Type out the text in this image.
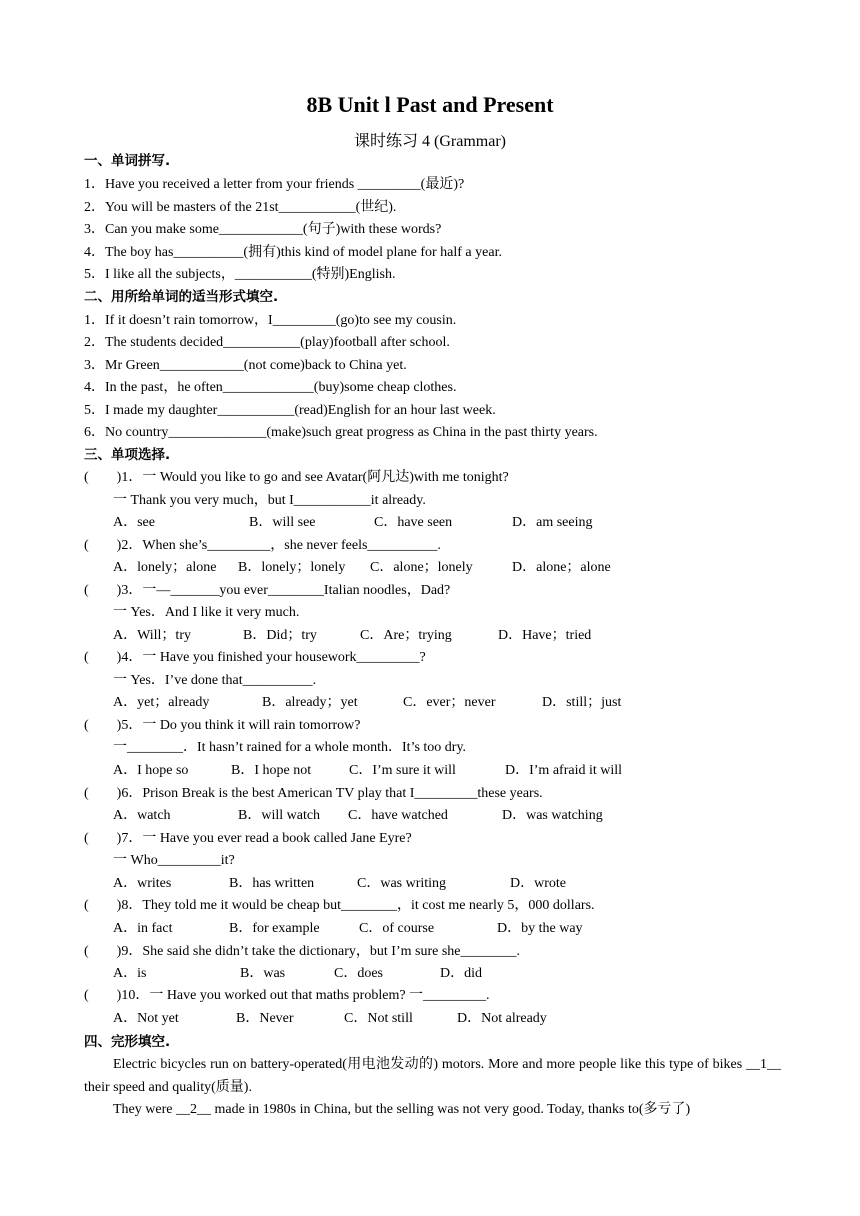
8B Unit l Past and Present
课时练习 4 (Grammar)
一、单词拼写.
1．Have you received a letter from your friends _________(最近)?
2．You will be masters of the 21st___________(世纪).
3．Can you make some____________(句子)with these words?
4．The boy has__________(拥有)this kind of model plane for half a year.
5．I like all the subjects，___________(特别)English.
二、用所给单词的适当形式填空.
1．If it doesn’t rain tomorrow，I_________(go)to see my cousin.
2．The students decided___________(play)football after school.
3．Mr Green____________(not come)back to China yet.
4．In the past，he often_____________(buy)some cheap clothes.
5．I made my daughter___________(read)English for an hour last week.
6．No country______________(make)such great progress as China in the past thirty years.
三、单项选择.
(　　)1．一 Would you like to go and see Avatar(阿凡达)with me tonight?
一 Thank you very much，but I___________it already.
A．see	B．will see	C．have seen	D．am seeing
(　　)2．When she’s_________，she never feels__________.
A．lonely；alone B．lonely；lonely C．alone；lonely	D．alone；alone
(　　)3．一—_______you ever________Italian noodles，Dad?
一 Yes．And I like it very much.
A．Will；try	B．Did；try	C．Are；trying	D．Have；tried
(　　)4．一 Have you finished your housework_________?
一 Yes．I’ve done that__________.
A．yet；already	B．already；yet	C．ever；never	D．still；just
(　　)5．一 Do you think it will rain tomorrow?
一________．It hasn’t rained for a whole month．It’s too dry.
A．I hope so	B．I hope not	C．I’m sure it will	D．I’m afraid it will
(　　)6．Prison Break is the best American TV play that I_________these years.
A．watch	B．will watch C．have watched	D．was watching
(　　)7．一 Have you ever read a book called Jane Eyre?
一 Who_________it?
A．writes	B．has written	C．was writing	D．wrote
(　　)8．They told me it would be cheap but________，it cost me nearly 5，000 dollars.
A．in fact	B．for example	C．of course	D．by the way
(　　)9．She said she didn’t take the dictionary，but I’m sure she________.
A．is	B．was	C．does	D．did
(　　)10．一 Have you worked out that maths problem? 一_________.
A．Not yet	B．Never	C．Not still	D．Not already
四、完形填空.
Electric bicycles run on battery-operated(用电池发动的) motors. More and more people like this type of bikes __1__ their speed and quality(质量).
They were __2__ made in 1980s in China, but the selling was not very good. Today, thanks to(多亏了)
